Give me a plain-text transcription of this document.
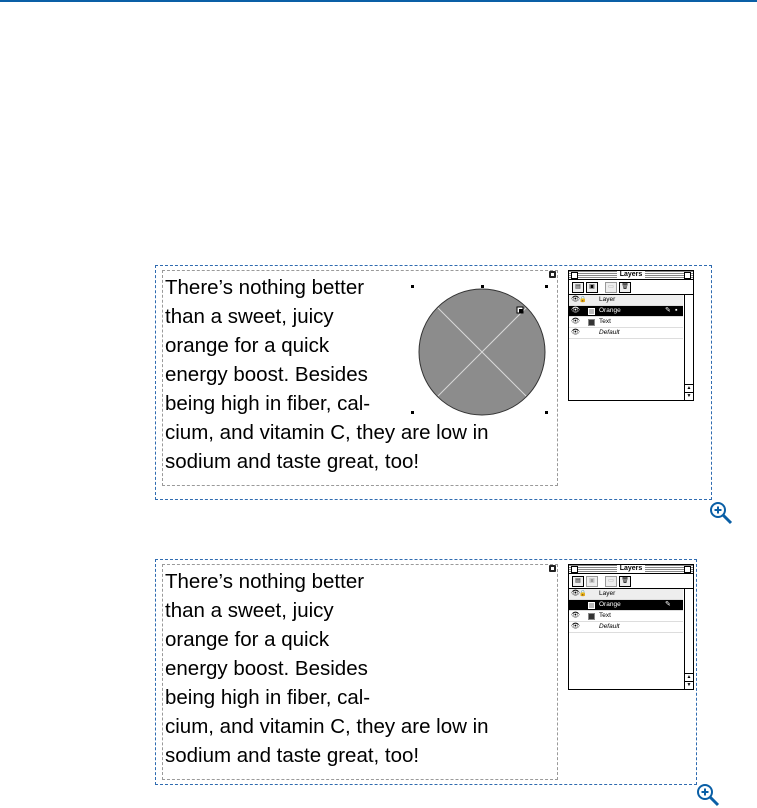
There’s nothing better
than a sweet, juicy
orange for a quick
energy boost. Besides
being high in fiber, cal-
cium, and vitamin C, they are low in
sodium and taste great, too!

Layers
▤	▣	▭	🗑
👁 🔒 Layer
👁	Orange	✎ ▪
👁	Text
👁	Default
▲
▼

There’s nothing better
than a sweet, juicy
orange for a quick
energy boost. Besides
being high in fiber, cal-
cium, and vitamin C, they are low in
sodium and taste great, too!

Layers
▤	▣	▭	🗑
👁 🔒 Layer
Orange	✎
👁	Text
👁	Default
▲
▼
